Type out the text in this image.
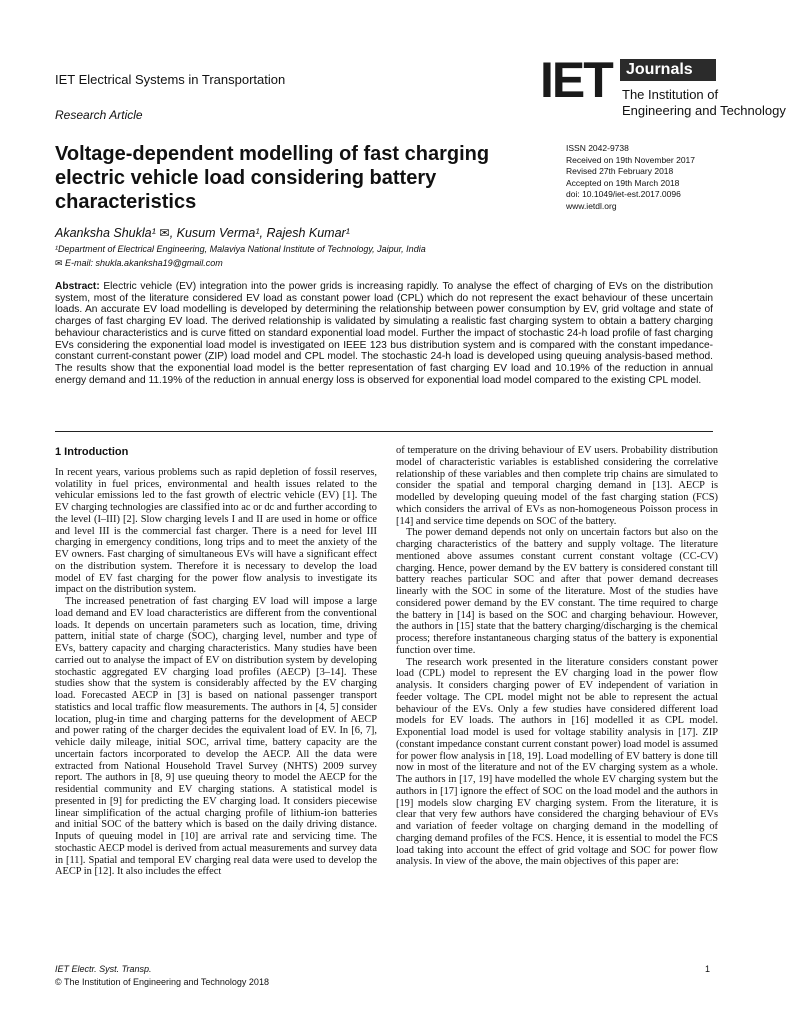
IET Electrical Systems in Transportation
Research Article
IET Journals
The Institution of
Engineering and Technology
Voltage-dependent modelling of fast charging electric vehicle load considering battery characteristics
ISSN 2042-9738
Received on 19th November 2017
Revised 27th February 2018
Accepted on 19th March 2018
doi: 10.1049/iet-est.2017.0096
www.ietdl.org
Akanksha Shukla¹ ✉, Kusum Verma¹, Rajesh Kumar¹
¹Department of Electrical Engineering, Malaviya National Institute of Technology, Jaipur, India
✉ E-mail: shukla.akanksha19@gmail.com

Abstract: Electric vehicle (EV) integration into the power grids is increasing rapidly. To analyse the effect of charging of EVs on the distribution system, most of the literature considered EV load as constant power load (CPL) which do not represent the exact behaviour of these uncertain loads. An accurate EV load modelling is developed by determining the relationship between power consumption by EV, grid voltage and state of charges of fast charging EV load. The derived relationship is validated by simulating a realistic fast charging system to obtain a battery charging behaviour characteristics and is curve fitted on standard exponential load model. Further the impact of stochastic 24-h load profile of fast charging EVs considering the exponential load model is investigated on IEEE 123 bus distribution system and is compared with the constant impedance-constant current-constant power (ZIP) load model and CPL model. The stochastic 24-h load is developed using queuing analysis-based method. The results show that the exponential load model is the better representation of fast charging EV load and 10.19% of the reduction in annual energy demand and 11.19% of the reduction in annual energy loss is observed for exponential load model compared to the existing CPL model.

1 Introduction

In recent years, various problems such as rapid depletion of fossil reserves, volatility in fuel prices, environmental and health issues related to the vehicular emissions led to the fast growth of electric vehicle (EV) [1]. The EV charging technologies are classified into ac or dc and further according to the level (I–III) [2]. Slow charging levels I and II are used in home or office and level III is the commercial fast charger. There is a need for level III charging in emergency conditions, long trips and to meet the anxiety of the EV owners. Fast charging of simultaneous EVs will have a significant effect on the distribution system. Therefore it is necessary to develop the load model of EV fast charging for the power flow analysis to investigate its impact on the distribution system.

The increased penetration of fast charging EV load will impose a large load demand and EV load characteristics are different from the conventional loads. It depends on uncertain parameters such as location, time, driving pattern, initial state of charge (SOC), charging level, number and type of EVs, battery capacity and charging characteristics. Many studies have been carried out to analyse the impact of EV on distribution system by developing stochastic aggregated EV charging load profiles (AECP) [3–14]. These studies show that the system is considerably affected by the EV charging load. Forecasted AECP in [3] is based on national passenger transport statistics and local traffic flow measurements. The authors in [4, 5] consider location, plug-in time and charging patterns for the development of AECP and power rating of the charger decides the equivalent load of EV. In [6, 7], vehicle daily mileage, initial SOC, arrival time, battery capacity are the uncertain factors incorporated to develop the AECP. All the data were extracted from National Household Travel Survey (NHTS) 2009 survey report. The authors in [8, 9] use queuing theory to model the AECP for the residential community and EV charging stations. A statistical model is presented in [9] for predicting the EV charging load. It considers piecewise linear simplification of the actual charging profile of lithium-ion batteries and initial SOC of the battery which is based on the daily driving distance. Inputs of queuing model in [10] are arrival rate and servicing time. The stochastic AECP model is derived from actual measurements and survey data in [11]. Spatial and temporal EV charging real data were used to develop the AECP in [12]. It also includes the effect

of temperature on the driving behaviour of EV users. Probability distribution model of characteristic variables is established considering the correlative relationship of these variables and then complete trip chains are simulated to consider the spatial and temporal charging demand in [13]. AECP is modelled by developing queuing model of the fast charging station (FCS) which considers the arrival of EVs as non-homogeneous Poisson process in [14] and service time depends on SOC of the battery.

The power demand depends not only on uncertain factors but also on the charging characteristics of the battery and supply voltage. The literature mentioned above assumes constant current constant voltage (CC-CV) charging. Hence, power demand by the EV battery is considered constant till battery reaches particular SOC and after that power demand decreases linearly with the SOC in some of the literature. Most of the studies have considered power demand by the EV constant. The time required to charge the battery in [14] is based on the SOC and charging behaviour. However, the authors in [15] state that the battery charging/discharging is the chemical process; therefore instantaneous charging status of the battery is exponential function over time.

The research work presented in the literature considers constant power load (CPL) model to represent the EV charging load in the power flow analysis. It considers charging power of EV independent of variation in feeder voltage. The CPL model might not be able to represent the actual behaviour of the EVs. Only a few studies have considered different load models for EV loads. The authors in [16] modelled it as CPL model. Exponential load model is used for voltage stability analysis in [17]. ZIP (constant impedance constant current constant power) load model is assumed for power flow analysis in [18, 19]. Load modelling of EV battery is done till now in most of the literature and not of the EV charging system as a whole. The authors in [17, 19] have modelled the whole EV charging system but the authors in [17] ignore the effect of SOC on the load model and the authors in [19] models slow charging EV charging system. From the literature, it is clear that very few authors have considered the charging behaviour of EVs and variation of feeder voltage on charging demand in the modelling of charging demand profiles of the FCS. Hence, it is essential to model the FCS load taking into account the effect of grid voltage and SOC for power flow analysis. In view of the above, the main objectives of this paper are:

IET Electr. Syst. Transp.
© The Institution of Engineering and Technology 2018
1
